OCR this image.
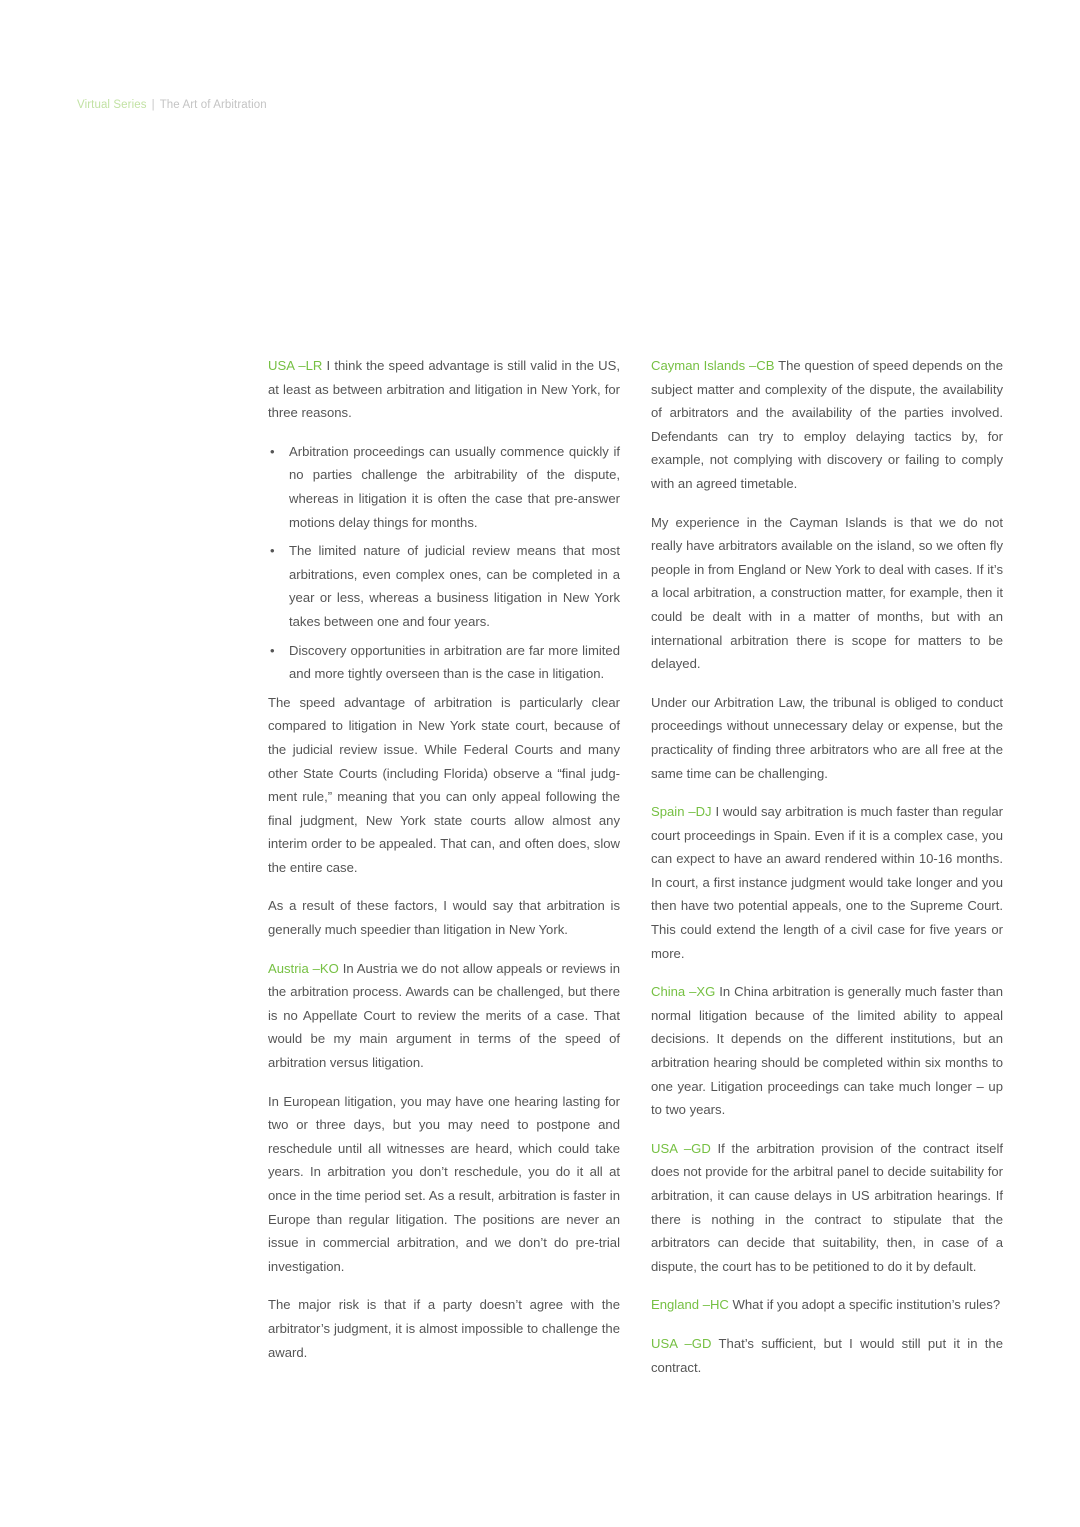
Virtual Series | The Art of Arbitration

USA –LR I think the speed advantage is still valid in the US, at least as between arbitration and litigation in New York, for three reasons.

• Arbitration proceedings can usually commence quickly if no parties challenge the arbitrability of the dispute, whereas in litigation it is often the case that pre-answer motions delay things for months.
• The limited nature of judicial review means that most arbitrations, even complex ones, can be completed in a year or less, whereas a business litigation in New York takes between one and four years.
• Discovery opportunities in arbitration are far more limited and more tightly overseen than is the case in litigation.

The speed advantage of arbitration is particularly clear compared to litigation in New York state court, because of the judicial review issue. While Federal Courts and many other State Courts (including Florida) observe a “final judgment rule,” meaning that you can only appeal following the final judgment, New York state courts allow almost any interim order to be appealed. That can, and often does, slow the entire case.

As a result of these factors, I would say that arbitration is generally much speedier than litigation in New York.

Austria –KO In Austria we do not allow appeals or reviews in the arbitration process. Awards can be challenged, but there is no Appellate Court to review the merits of a case. That would be my main argument in terms of the speed of arbitration versus litigation.

In European litigation, you may have one hearing lasting for two or three days, but you may need to postpone and reschedule until all witnesses are heard, which could take years. In arbitration you don’t reschedule, you do it all at once in the time period set. As a result, arbitration is faster in Europe than regular litigation. The positions are never an issue in commercial arbitration, and we don’t do pre-trial investigation.

The major risk is that if a party doesn’t agree with the arbitrator’s judgment, it is almost impossible to challenge the award.

Cayman Islands –CB The question of speed depends on the subject matter and complexity of the dispute, the availability of arbitrators and the availability of the parties involved. Defendants can try to employ delaying tactics by, for example, not complying with discovery or failing to comply with an agreed timetable.

My experience in the Cayman Islands is that we do not really have arbitrators available on the island, so we often fly people in from England or New York to deal with cases. If it’s a local arbitration, a construction matter, for example, then it could be dealt with in a matter of months, but with an international arbitration there is scope for matters to be delayed.

Under our Arbitration Law, the tribunal is obliged to conduct proceedings without unnecessary delay or expense, but the practicality of finding three arbitrators who are all free at the same time can be challenging.

Spain –DJ I would say arbitration is much faster than regular court proceedings in Spain. Even if it is a complex case, you can expect to have an award rendered within 10-16 months. In court, a first instance judgment would take longer and you then have two potential appeals, one to the Supreme Court. This could extend the length of a civil case for five years or more.

China –XG In China arbitration is generally much faster than normal litigation because of the limited ability to appeal decisions. It depends on the different institutions, but an arbitration hearing should be completed within six months to one year. Litigation proceedings can take much longer – up to two years.

USA –GD If the arbitration provision of the contract itself does not provide for the arbitral panel to decide suitability for arbitration, it can cause delays in US arbitration hearings. If there is nothing in the contract to stipulate that the arbitrators can decide that suitability, then, in case of a dispute, the court has to be petitioned to do it by default.

England –HC What if you adopt a specific institution’s rules?

USA –GD That’s sufficient, but I would still put it in the contract.
